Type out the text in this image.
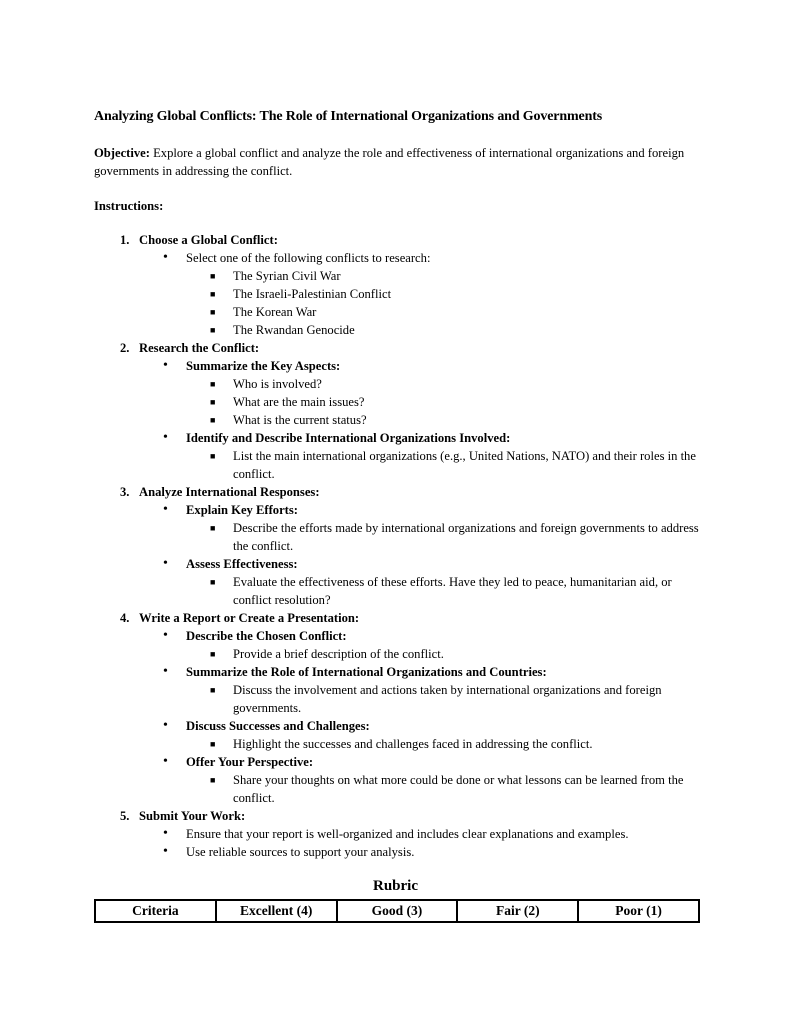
Analyzing Global Conflicts: The Role of International Organizations and Governments
Objective: Explore a global conflict and analyze the role and effectiveness of international organizations and foreign governments in addressing the conflict.
Instructions:
1. Choose a Global Conflict:
• Select one of the following conflicts to research:
■ The Syrian Civil War
■ The Israeli-Palestinian Conflict
■ The Korean War
■ The Rwandan Genocide
2. Research the Conflict:
• Summarize the Key Aspects:
■ Who is involved?
■ What are the main issues?
■ What is the current status?
• Identify and Describe International Organizations Involved:
■ List the main international organizations (e.g., United Nations, NATO) and their roles in the conflict.
3. Analyze International Responses:
• Explain Key Efforts:
■ Describe the efforts made by international organizations and foreign governments to address the conflict.
• Assess Effectiveness:
■ Evaluate the effectiveness of these efforts. Have they led to peace, humanitarian aid, or conflict resolution?
4. Write a Report or Create a Presentation:
• Describe the Chosen Conflict:
■ Provide a brief description of the conflict.
• Summarize the Role of International Organizations and Countries:
■ Discuss the involvement and actions taken by international organizations and foreign governments.
• Discuss Successes and Challenges:
■ Highlight the successes and challenges faced in addressing the conflict.
• Offer Your Perspective:
■ Share your thoughts on what more could be done or what lessons can be learned from the conflict.
5. Submit Your Work:
• Ensure that your report is well-organized and includes clear explanations and examples.
• Use reliable sources to support your analysis.
Rubric
Criteria	Excellent (4)	Good (3)	Fair (2)	Poor (1)
